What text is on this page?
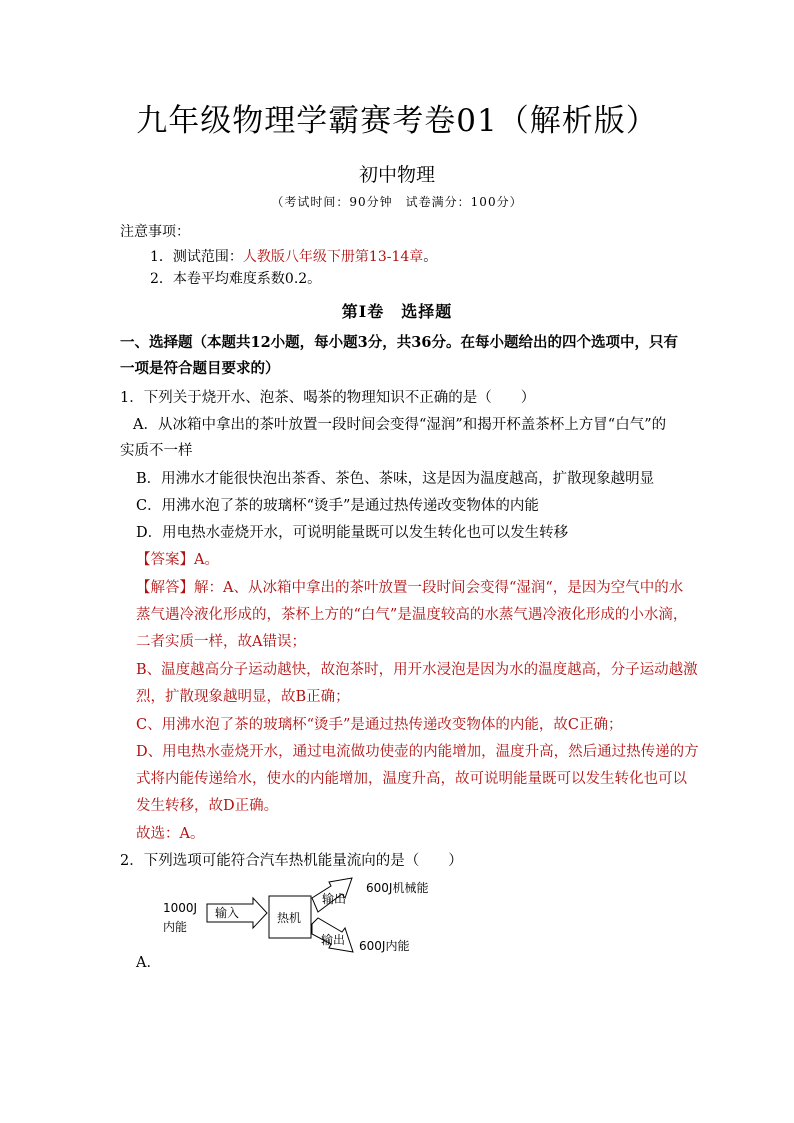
九年级物理学霸赛考卷01（解析版）
初中物理
（考试时间：90分钟　试卷满分：100分）
注意事项：
1．测试范围：人教版八年级下册第13-14章。
2．本卷平均难度系数0.2。
第Ⅰ卷　选择题
一、选择题（本题共12小题，每小题3分，共36分。在每小题给出的四个选项中，只有
一项是符合题目要求的）
1．下列关于烧开水、泡茶、喝茶的物理知识不正确的是（　　）
A．从冰箱中拿出的茶叶放置一段时间会变得“湿润”和揭开杯盖茶杯上方冒“白气”的
实质不一样
B．用沸水才能很快泡出茶香、茶色、茶味，这是因为温度越高，扩散现象越明显
C．用沸水泡了茶的玻璃杯“烫手”是通过热传递改变物体的内能
D．用电热水壶烧开水，可说明能量既可以发生转化也可以发生转移
【答案】A。
【解答】解：A、从冰箱中拿出的茶叶放置一段时间会变得“湿润“，是因为空气中的水
蒸气遇冷液化形成的，茶杯上方的“白气”是温度较高的水蒸气遇冷液化形成的小水滴，
二者实质一样，故A错误；
B、温度越高分子运动越快，故泡茶时，用开水浸泡是因为水的温度越高，分子运动越激
烈，扩散现象越明显，故B正确；
C、用沸水泡了茶的玻璃杯“烫手”是通过热传递改变物体的内能，故C正确；
D、用电热水壶烧开水，通过电流做功使壶的内能增加，温度升高，然后通过热传递的方
式将内能传递给水，使水的内能增加，温度升高，故可说明能量既可以发生转化也可以
发生转移，故D正确。
故选：A。
2．下列选项可能符合汽车热机能量流向的是（　　）
1000J
内能
输入	热机
输出
600J机械能
输出 600J内能
A．
